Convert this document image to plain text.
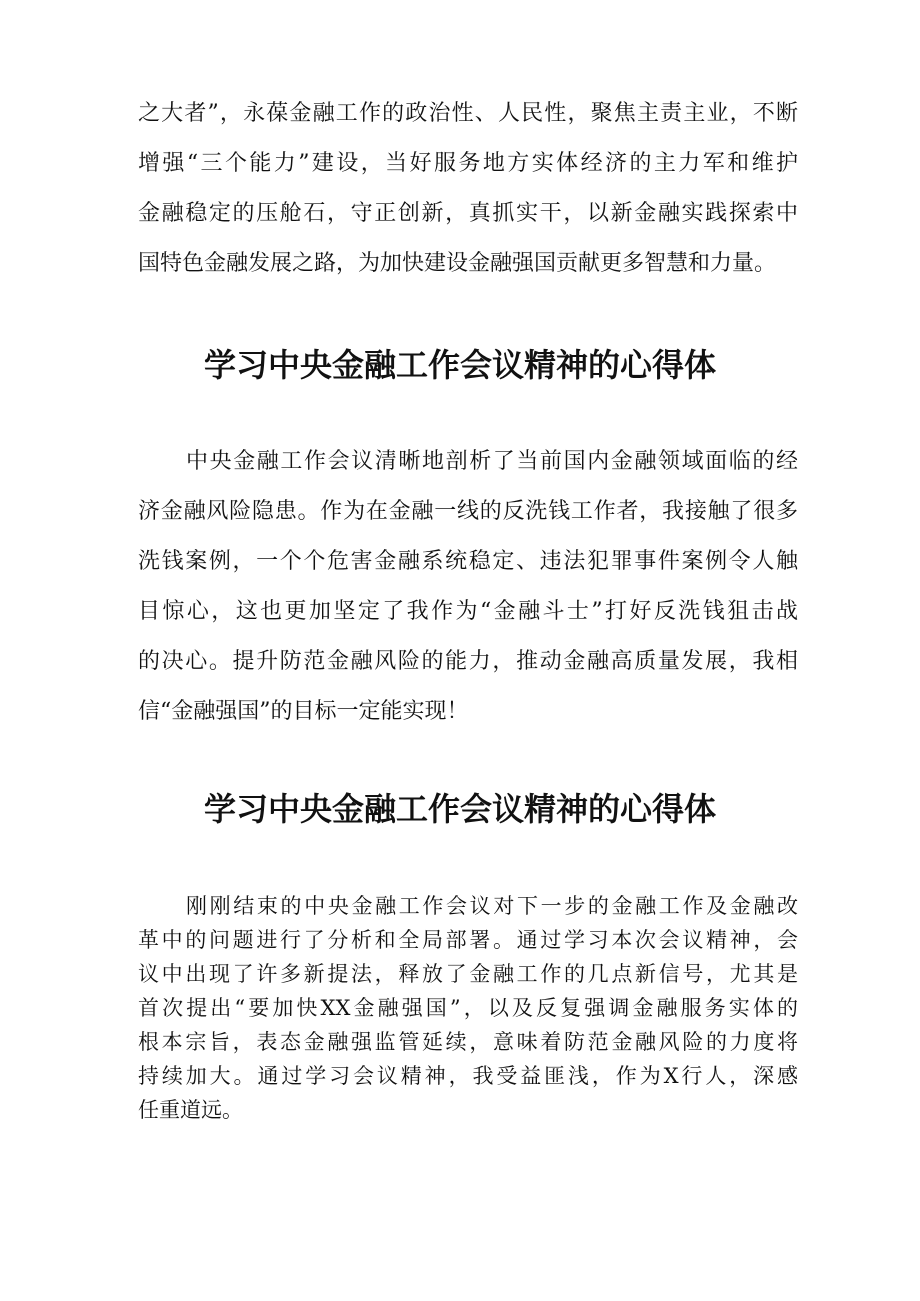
之大者”，永葆金融工作的政治性、人民性，聚焦主责主业，不断
增强“三个能力”建设，当好服务地方实体经济的主力军和维护
金融稳定的压舱石，守正创新，真抓实干，以新金融实践探索中
国特色金融发展之路，为加快建设金融强国贡献更多智慧和力量。
学习中央金融工作会议精神的心得体
中央金融工作会议清晰地剖析了当前国内金融领域面临的经
济金融风险隐患。作为在金融一线的反洗钱工作者，我接触了很多
洗钱案例，一个个危害金融系统稳定、违法犯罪事件案例令人触
目惊心，这也更加坚定了我作为“金融斗士”打好反洗钱狙击战
的决心。提升防范金融风险的能力，推动金融高质量发展，我相
信“金融强国”的目标一定能实现！
学习中央金融工作会议精神的心得体
刚刚结束的中央金融工作会议对下一步的金融工作及金融改
革中的问题进行了分析和全局部署。通过学习本次会议精神，会
议中出现了许多新提法，释放了金融工作的几点新信号，尤其是
首次提出“要加快XX金融强国”，以及反复强调金融服务实体的
根本宗旨，表态金融强监管延续，意味着防范金融风险的力度将
持续加大。通过学习会议精神，我受益匪浅，作为X行人，深感
任重道远。
